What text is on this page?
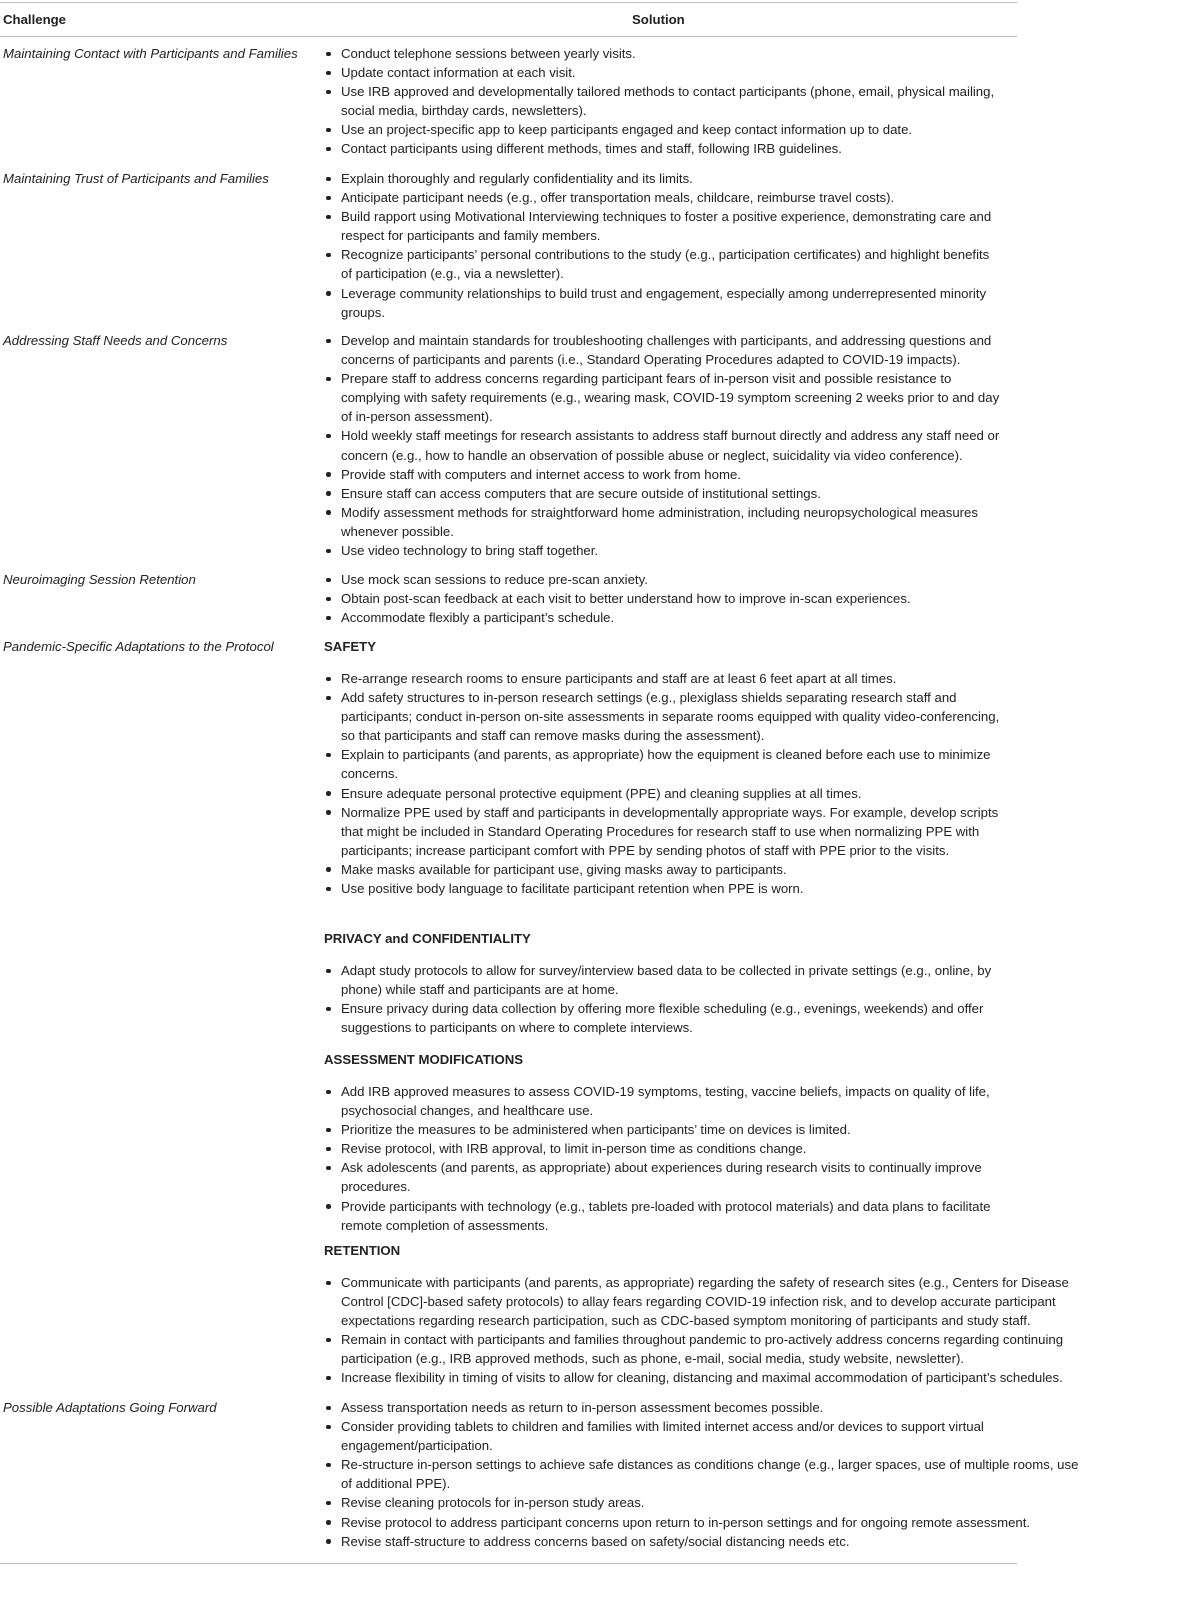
Challenge	Solution
Maintaining Contact with Participants and Families	Conduct telephone sessions between yearly visits.
Update contact information at each visit.
Use IRB approved and developmentally tailored methods to contact participants (phone, email, physical mailing, social media, birthday cards, newsletters).
Use an project-specific app to keep participants engaged and keep contact information up to date.
Contact participants using different methods, times and staff, following IRB guidelines.
Maintaining Trust of Participants and Families	Explain thoroughly and regularly confidentiality and its limits.
Anticipate participant needs (e.g., offer transportation meals, childcare, reimburse travel costs).
Build rapport using Motivational Interviewing techniques to foster a positive experience, demonstrating care and respect for participants and family members.
Recognize participants’ personal contributions to the study (e.g., participation certificates) and highlight benefits of participation (e.g., via a newsletter).
Leverage community relationships to build trust and engagement, especially among underrepresented minority groups.
Addressing Staff Needs and Concerns	Develop and maintain standards for troubleshooting challenges with participants, and addressing questions and concerns of participants and parents (i.e., Standard Operating Procedures adapted to COVID-19 impacts).
Prepare staff to address concerns regarding participant fears of in-person visit and possible resistance to complying with safety requirements (e.g., wearing mask, COVID-19 symptom screening 2 weeks prior to and day of in-person assessment).
Hold weekly staff meetings for research assistants to address staff burnout directly and address any staff need or concern (e.g., how to handle an observation of possible abuse or neglect, suicidality via video conference).
Provide staff with computers and internet access to work from home.
Ensure staff can access computers that are secure outside of institutional settings.
Modify assessment methods for straightforward home administration, including neuropsychological measures whenever possible.
Use video technology to bring staff together.
Neuroimaging Session Retention	Use mock scan sessions to reduce pre-scan anxiety.
Obtain post-scan feedback at each visit to better understand how to improve in-scan experiences.
Accommodate flexibly a participant’s schedule.
Pandemic-Specific Adaptations to the Protocol	SAFETY
Re-arrange research rooms to ensure participants and staff are at least 6 feet apart at all times.
Add safety structures to in-person research settings (e.g., plexiglass shields separating research staff and participants; conduct in-person on-site assessments in separate rooms equipped with quality video-conferencing, so that participants and staff can remove masks during the assessment).
Explain to participants (and parents, as appropriate) how the equipment is cleaned before each use to minimize concerns.
Ensure adequate personal protective equipment (PPE) and cleaning supplies at all times.
Normalize PPE used by staff and participants in developmentally appropriate ways. For example, develop scripts that might be included in Standard Operating Procedures for research staff to use when normalizing PPE with participants; increase participant comfort with PPE by sending photos of staff with PPE prior to the visits.
Make masks available for participant use, giving masks away to participants.
Use positive body language to facilitate participant retention when PPE is worn.
PRIVACY and CONFIDENTIALITY
Adapt study protocols to allow for survey/interview based data to be collected in private settings (e.g., online, by phone) while staff and participants are at home.
Ensure privacy during data collection by offering more flexible scheduling (e.g., evenings, weekends) and offer suggestions to participants on where to complete interviews.
ASSESSMENT MODIFICATIONS
Add IRB approved measures to assess COVID-19 symptoms, testing, vaccine beliefs, impacts on quality of life, psychosocial changes, and healthcare use.
Prioritize the measures to be administered when participants’ time on devices is limited.
Revise protocol, with IRB approval, to limit in-person time as conditions change.
Ask adolescents (and parents, as appropriate) about experiences during research visits to continually improve procedures.
Provide participants with technology (e.g., tablets pre-loaded with protocol materials) and data plans to facilitate remote completion of assessments.
RETENTION
Communicate with participants (and parents, as appropriate) regarding the safety of research sites (e.g., Centers for Disease Control [CDC]-based safety protocols) to allay fears regarding COVID-19 infection risk, and to develop accurate participant expectations regarding research participation, such as CDC-based symptom monitoring of participants and study staff.
Remain in contact with participants and families throughout pandemic to pro-actively address concerns regarding continuing participation (e.g., IRB approved methods, such as phone, e-mail, social media, study website, newsletter).
Increase flexibility in timing of visits to allow for cleaning, distancing and maximal accommodation of participant’s schedules.
Possible Adaptations Going Forward	Assess transportation needs as return to in-person assessment becomes possible.
Consider providing tablets to children and families with limited internet access and/or devices to support virtual engagement/participation.
Re-structure in-person settings to achieve safe distances as conditions change (e.g., larger spaces, use of multiple rooms, use of additional PPE).
Revise cleaning protocols for in-person study areas.
Revise protocol to address participant concerns upon return to in-person settings and for ongoing remote assessment.
Revise staff-structure to address concerns based on safety/social distancing needs etc.
